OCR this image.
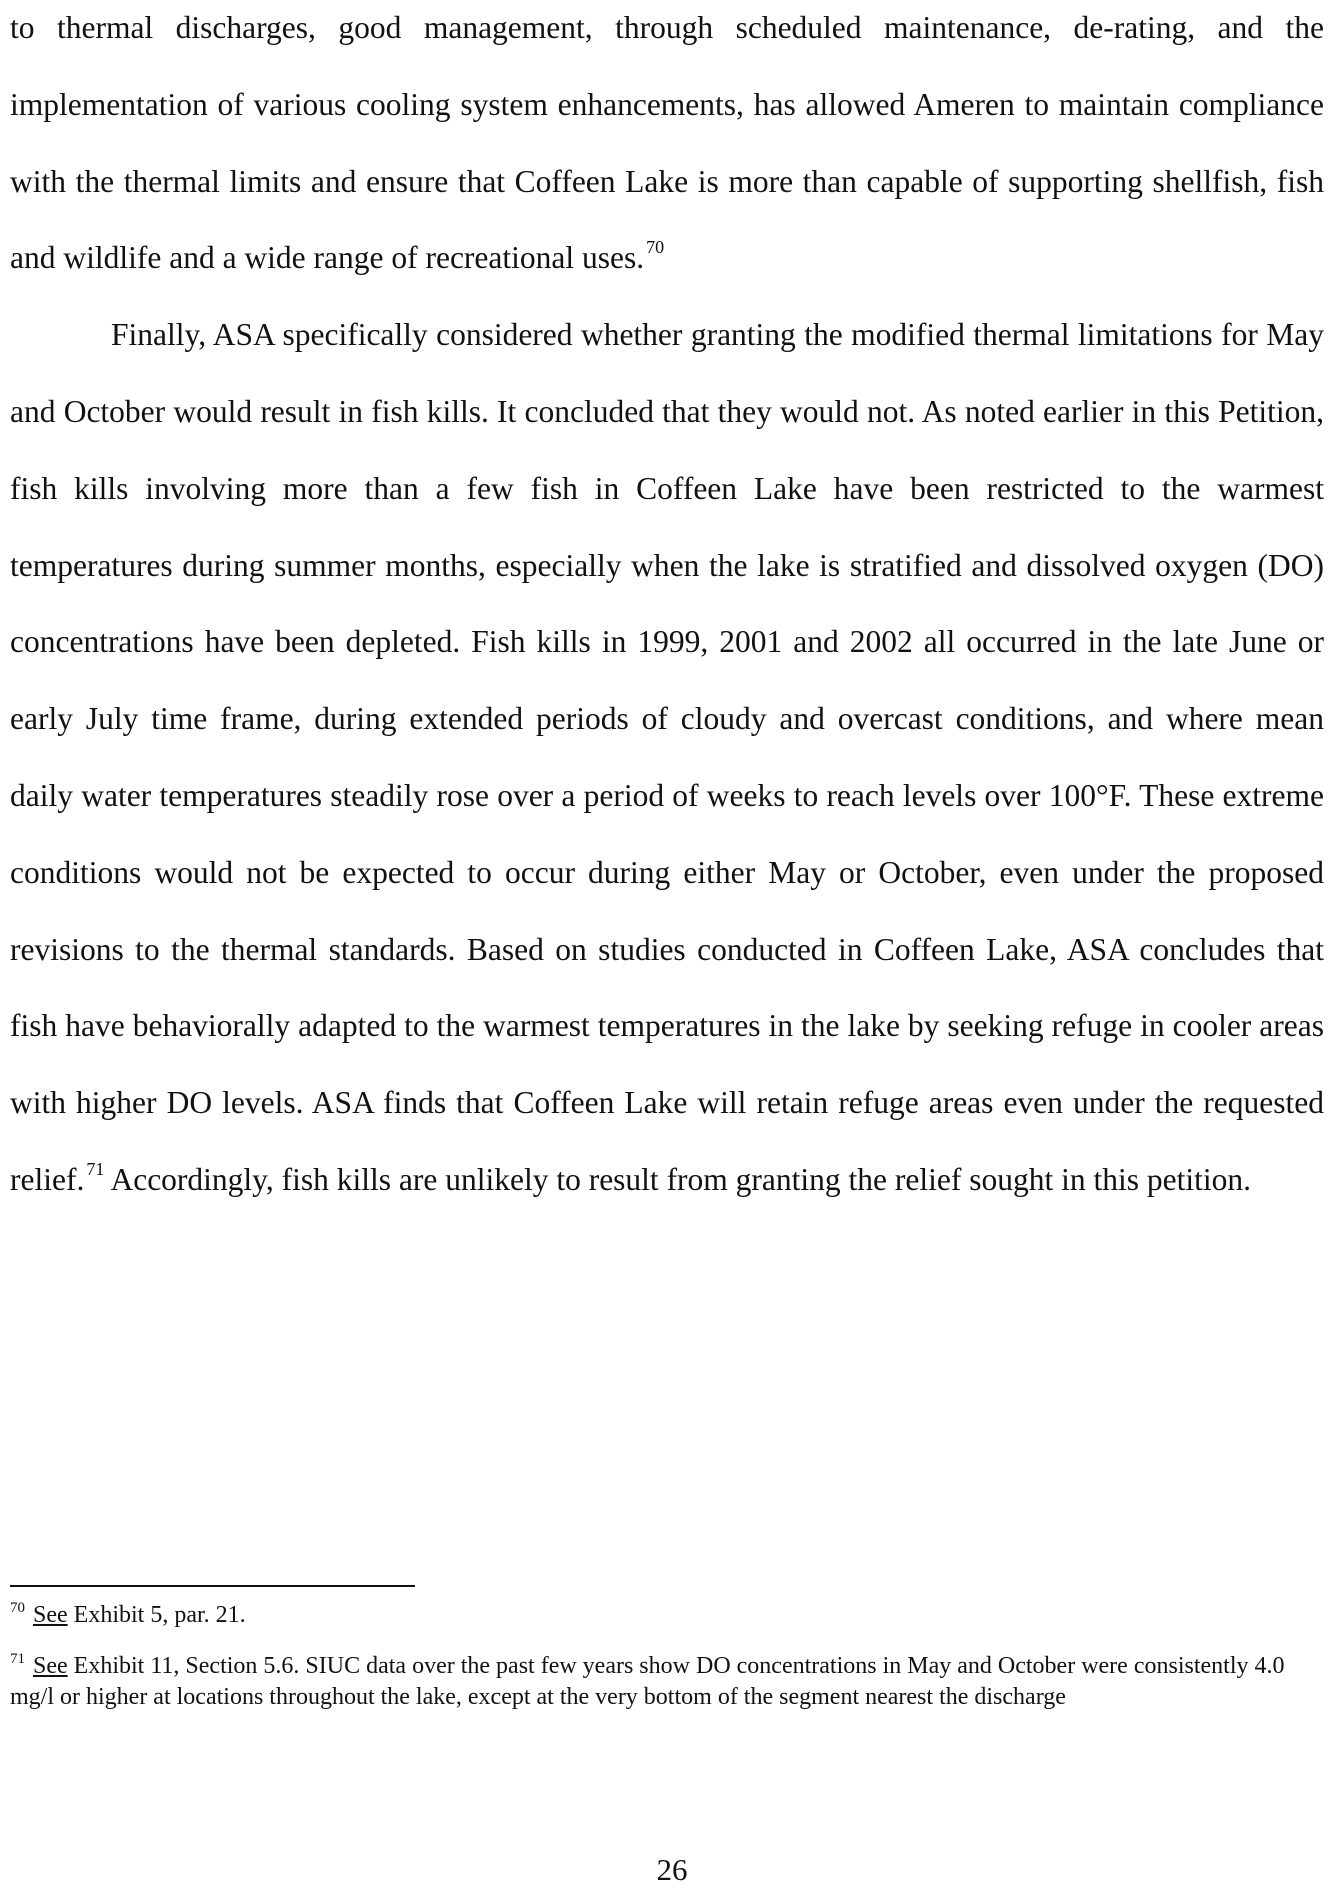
to thermal discharges, good management, through scheduled maintenance, de-rating, and the implementation of various cooling system enhancements, has allowed Ameren to maintain compliance with the thermal limits and ensure that Coffeen Lake is more than capable of supporting shellfish, fish and wildlife and a wide range of recreational uses. $^{70}$

Finally, ASA specifically considered whether granting the modified thermal limitations for May and October would result in fish kills. It concluded that they would not. As noted earlier in this Petition, fish kills involving more than a few fish in Coffeen Lake have been restricted to the warmest temperatures during summer months, especially when the lake is stratified and dissolved oxygen (DO) concentrations have been depleted. Fish kills in 1999, 2001 and 2002 all occurred in the late June or early July time frame, during extended periods of cloudy and overcast conditions, and where mean daily water temperatures steadily rose over a period of weeks to reach levels over 100°F. These extreme conditions would not be expected to occur during either May or October, even under the proposed revisions to the thermal standards. Based on studies conducted in Coffeen Lake, ASA concludes that fish have behaviorally adapted to the warmest temperatures in the lake by seeking refuge in cooler areas with higher DO levels. ASA finds that Coffeen Lake will retain refuge areas even under the requested relief. $^{71}$ Accordingly, fish kills are unlikely to result from granting the relief sought in this petition.

$^{70}$ See Exhibit 5, par. 21.

$^{71}$ See Exhibit 11, Section 5.6. SIUC data over the past few years show DO concentrations in May and October were consistently 4.0 mg/l or higher at locations throughout the lake, except at the very bottom of the segment nearest the discharge

26
